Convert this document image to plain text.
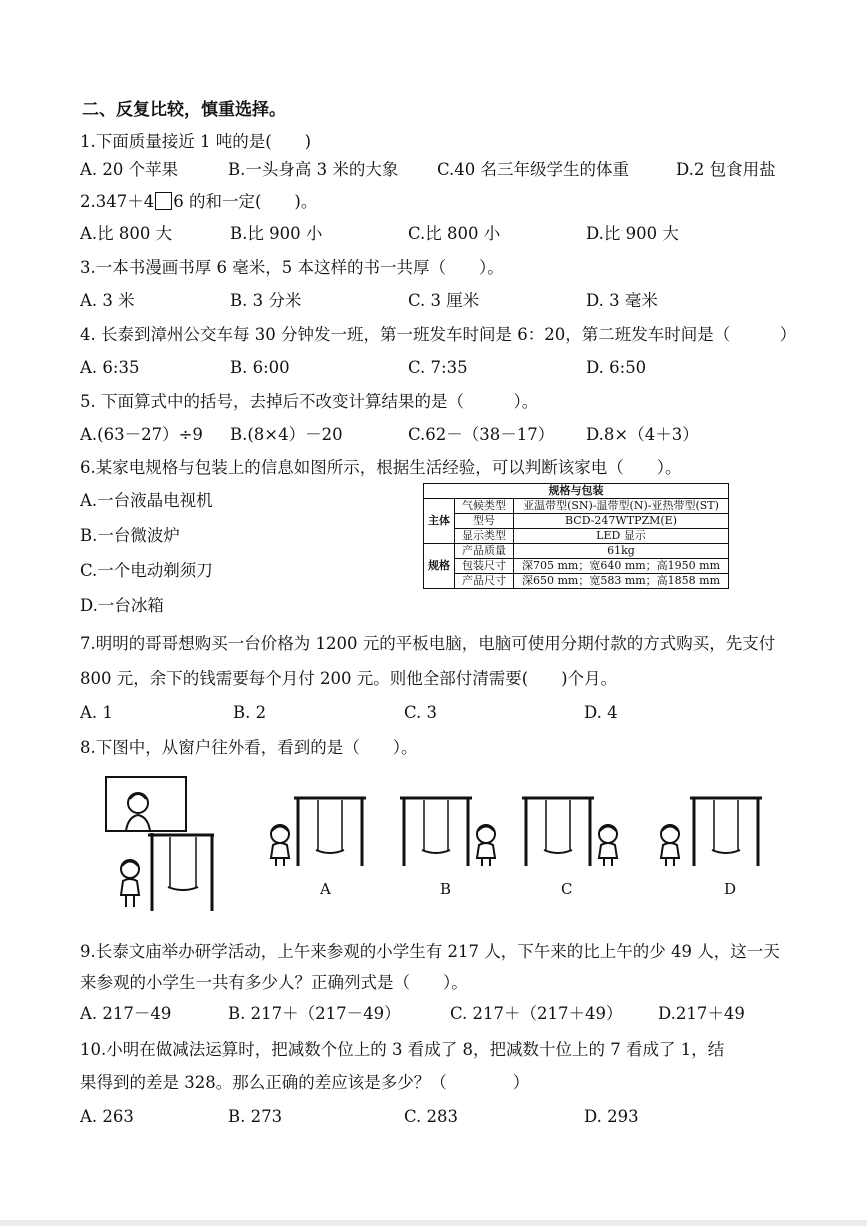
二、反复比较，慎重选择。
1.下面质量接近 1 吨的是(　　)
A. 20 个苹果	B.一头身高 3 米的大象 C.40 名三年级学生的体重	D.2 包食用盐
2.347＋4 6 的和一定(　　)。
A.比 800 大	B.比 900 小	C.比 800 小	D.比 900 大
3.一本书漫画书厚 6 毫米，5 本这样的书一共厚（　　）。
A. 3 米	B. 3 分米	C. 3 厘米	D. 3 毫米
4. 长泰到漳州公交车每 30 分钟发一班，第一班发车时间是 6：20，第二班发车时间是（　　　）
A. 6:35	B. 6:00	C. 7:35	D. 6:50
5. 下面算式中的括号，去掉后不改变计算结果的是（　　　）。
A.(63－27）÷9 B.(8×4）－20	C.62－（38－17） D.8×（4＋3）
6.某家电规格与包装上的信息如图所示，根据生活经验，可以判断该家电（　　）。
A.一台液晶电视机
B.一台微波炉
C.一个电动剃须刀
D.一台冰箱
规格与包装		
主体	气候类型	亚温带型(SN)-温带型(N)-亚热带型(ST)
	型号	BCD-247WTPZM(E)
	显示类型	LED 显示
规格	产品质量	61kg
	包装尺寸	深705 mm；宽640 mm；高1950 mm
	产品尺寸	深650 mm；宽583 mm；高1858 mm
7.明明的哥哥想购买一台价格为 1200 元的平板电脑，电脑可使用分期付款的方式购买，先支付
800 元，余下的钱需要每个月付 200 元。则他全部付清需要(　　)个月。
A. 1	B. 2	C. 3	D. 4
8.下图中，从窗户往外看，看到的是（　　）。
A	B	C	D
9.长泰文庙举办研学活动，上午来参观的小学生有 217 人，下午来的比上午的少 49 人，这一天
来参观的小学生一共有多少人？正确列式是（　　）。
A. 217－49	B. 217＋（217－49）	C. 217＋（217＋49） D.217＋49
10.小明在做减法运算时，把减数个位上的 3 看成了 8，把减数十位上的 7 看成了 1，结
果得到的差是 328。那么正确的差应该是多少？（　　　　）
A. 263	B. 273	C. 283	D. 293
